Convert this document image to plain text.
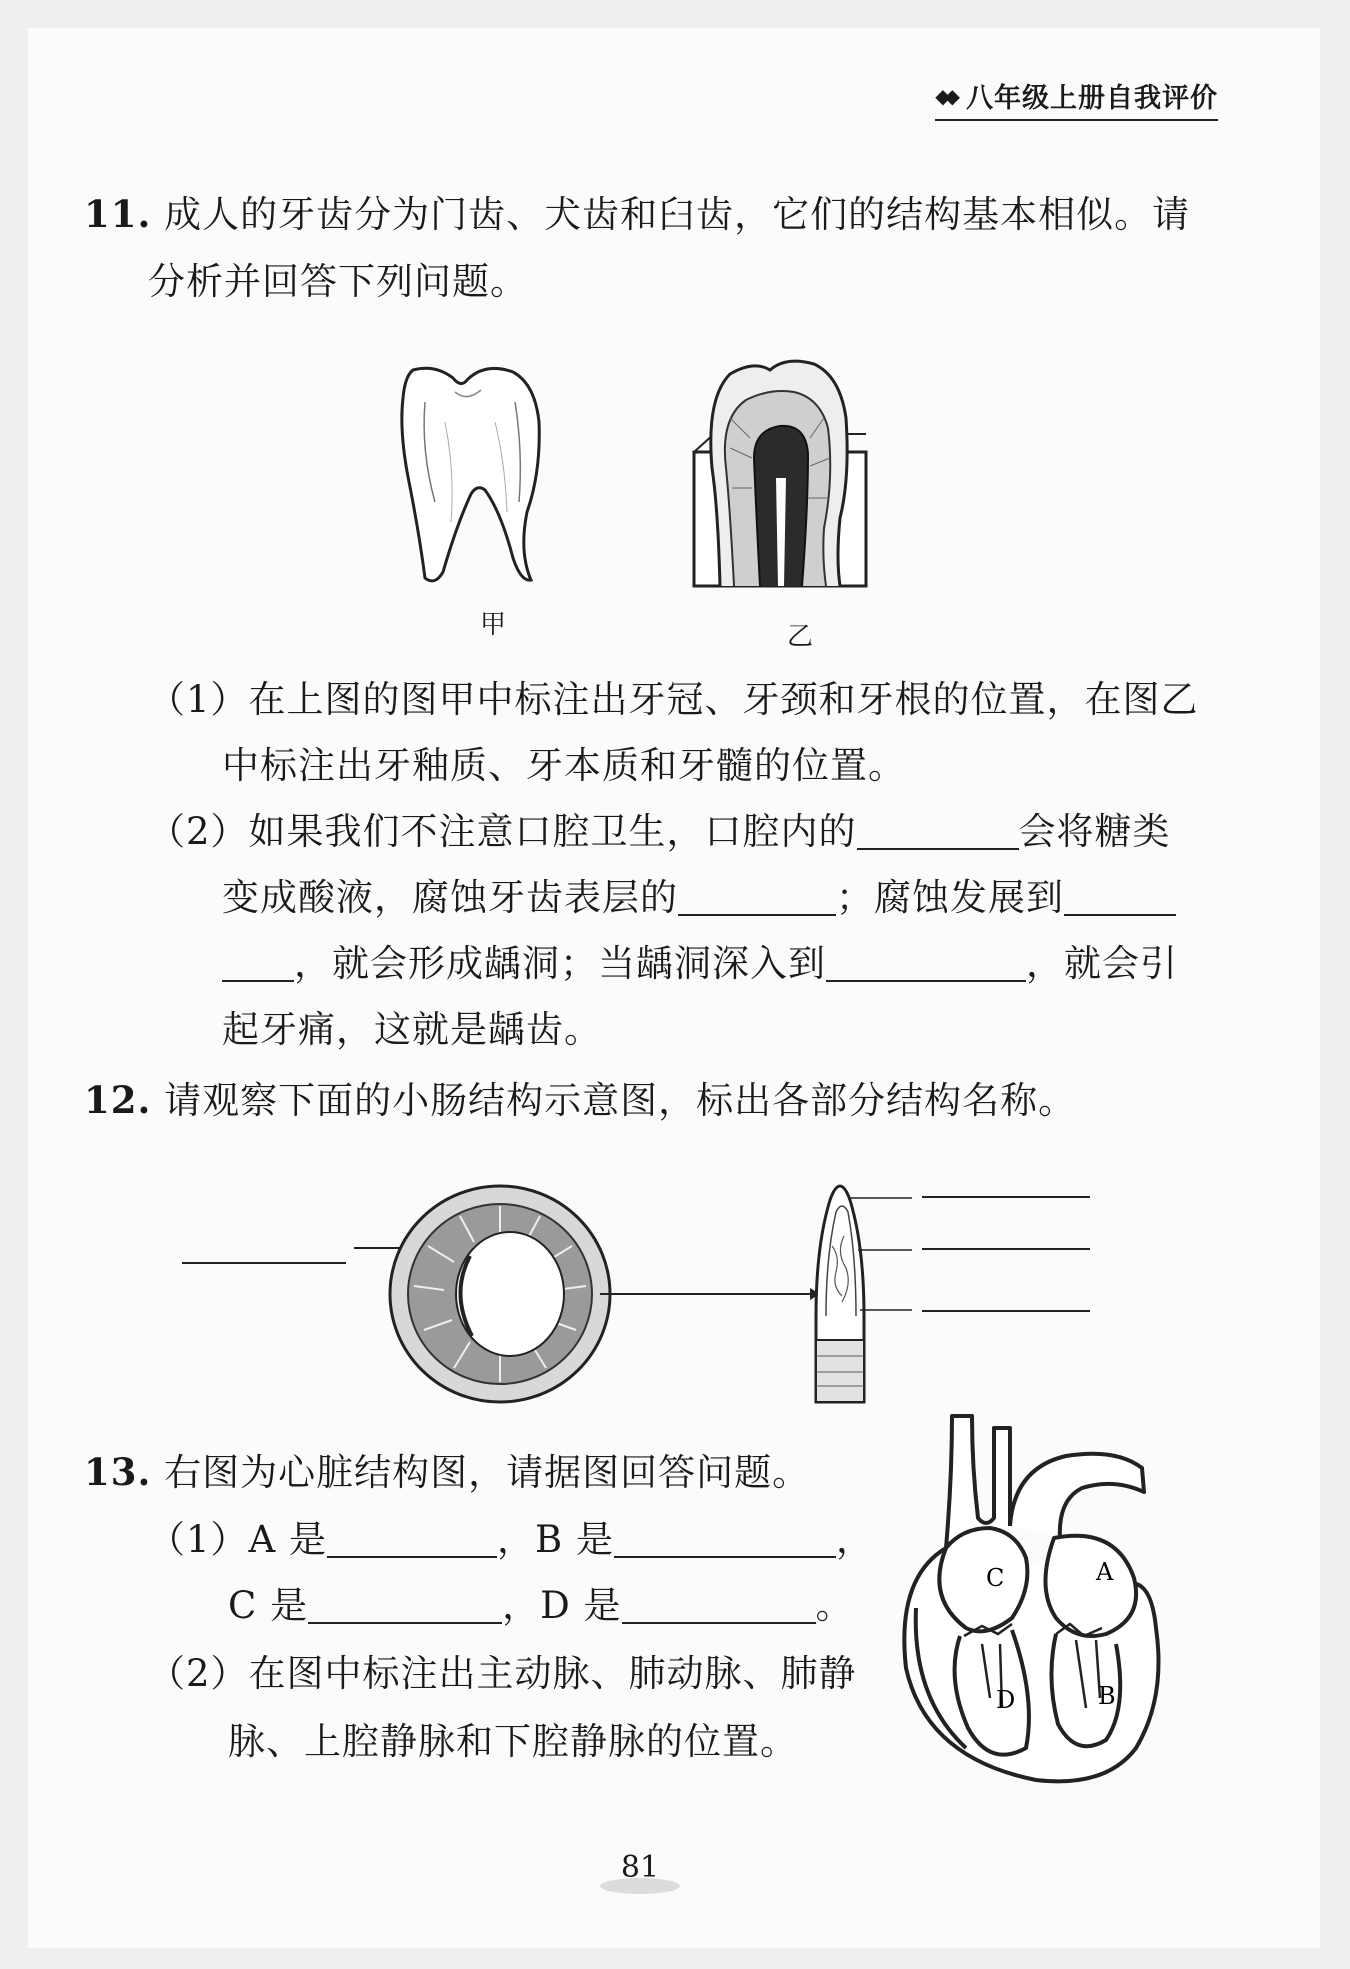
◆◆ 八年级上册自我评价
11. 成人的牙齿分为门齿、犬齿和臼齿，它们的结构基本相似。请
分析并回答下列问题。
甲	乙
（1）在上图的图甲中标注出牙冠、牙颈和牙根的位置，在图乙
中标注出牙釉质、牙本质和牙髓的位置。
（2）如果我们不注意口腔卫生，口腔内的	会将糖类
变成酸液，腐蚀牙齿表层的	；腐蚀发展到
，就会形成龋洞；当龋洞深入到	，就会引
起牙痛，这就是龋齿。
12. 请观察下面的小肠结构示意图，标出各部分结构名称。
13. 右图为心脏结构图，请据图回答问题。
（1）A 是	，B 是	，
C 是	，D 是	。
（2）在图中标注出主动脉、肺动脉、肺静
脉、上腔静脉和下腔静脉的位置。
C	A
D	B
81
